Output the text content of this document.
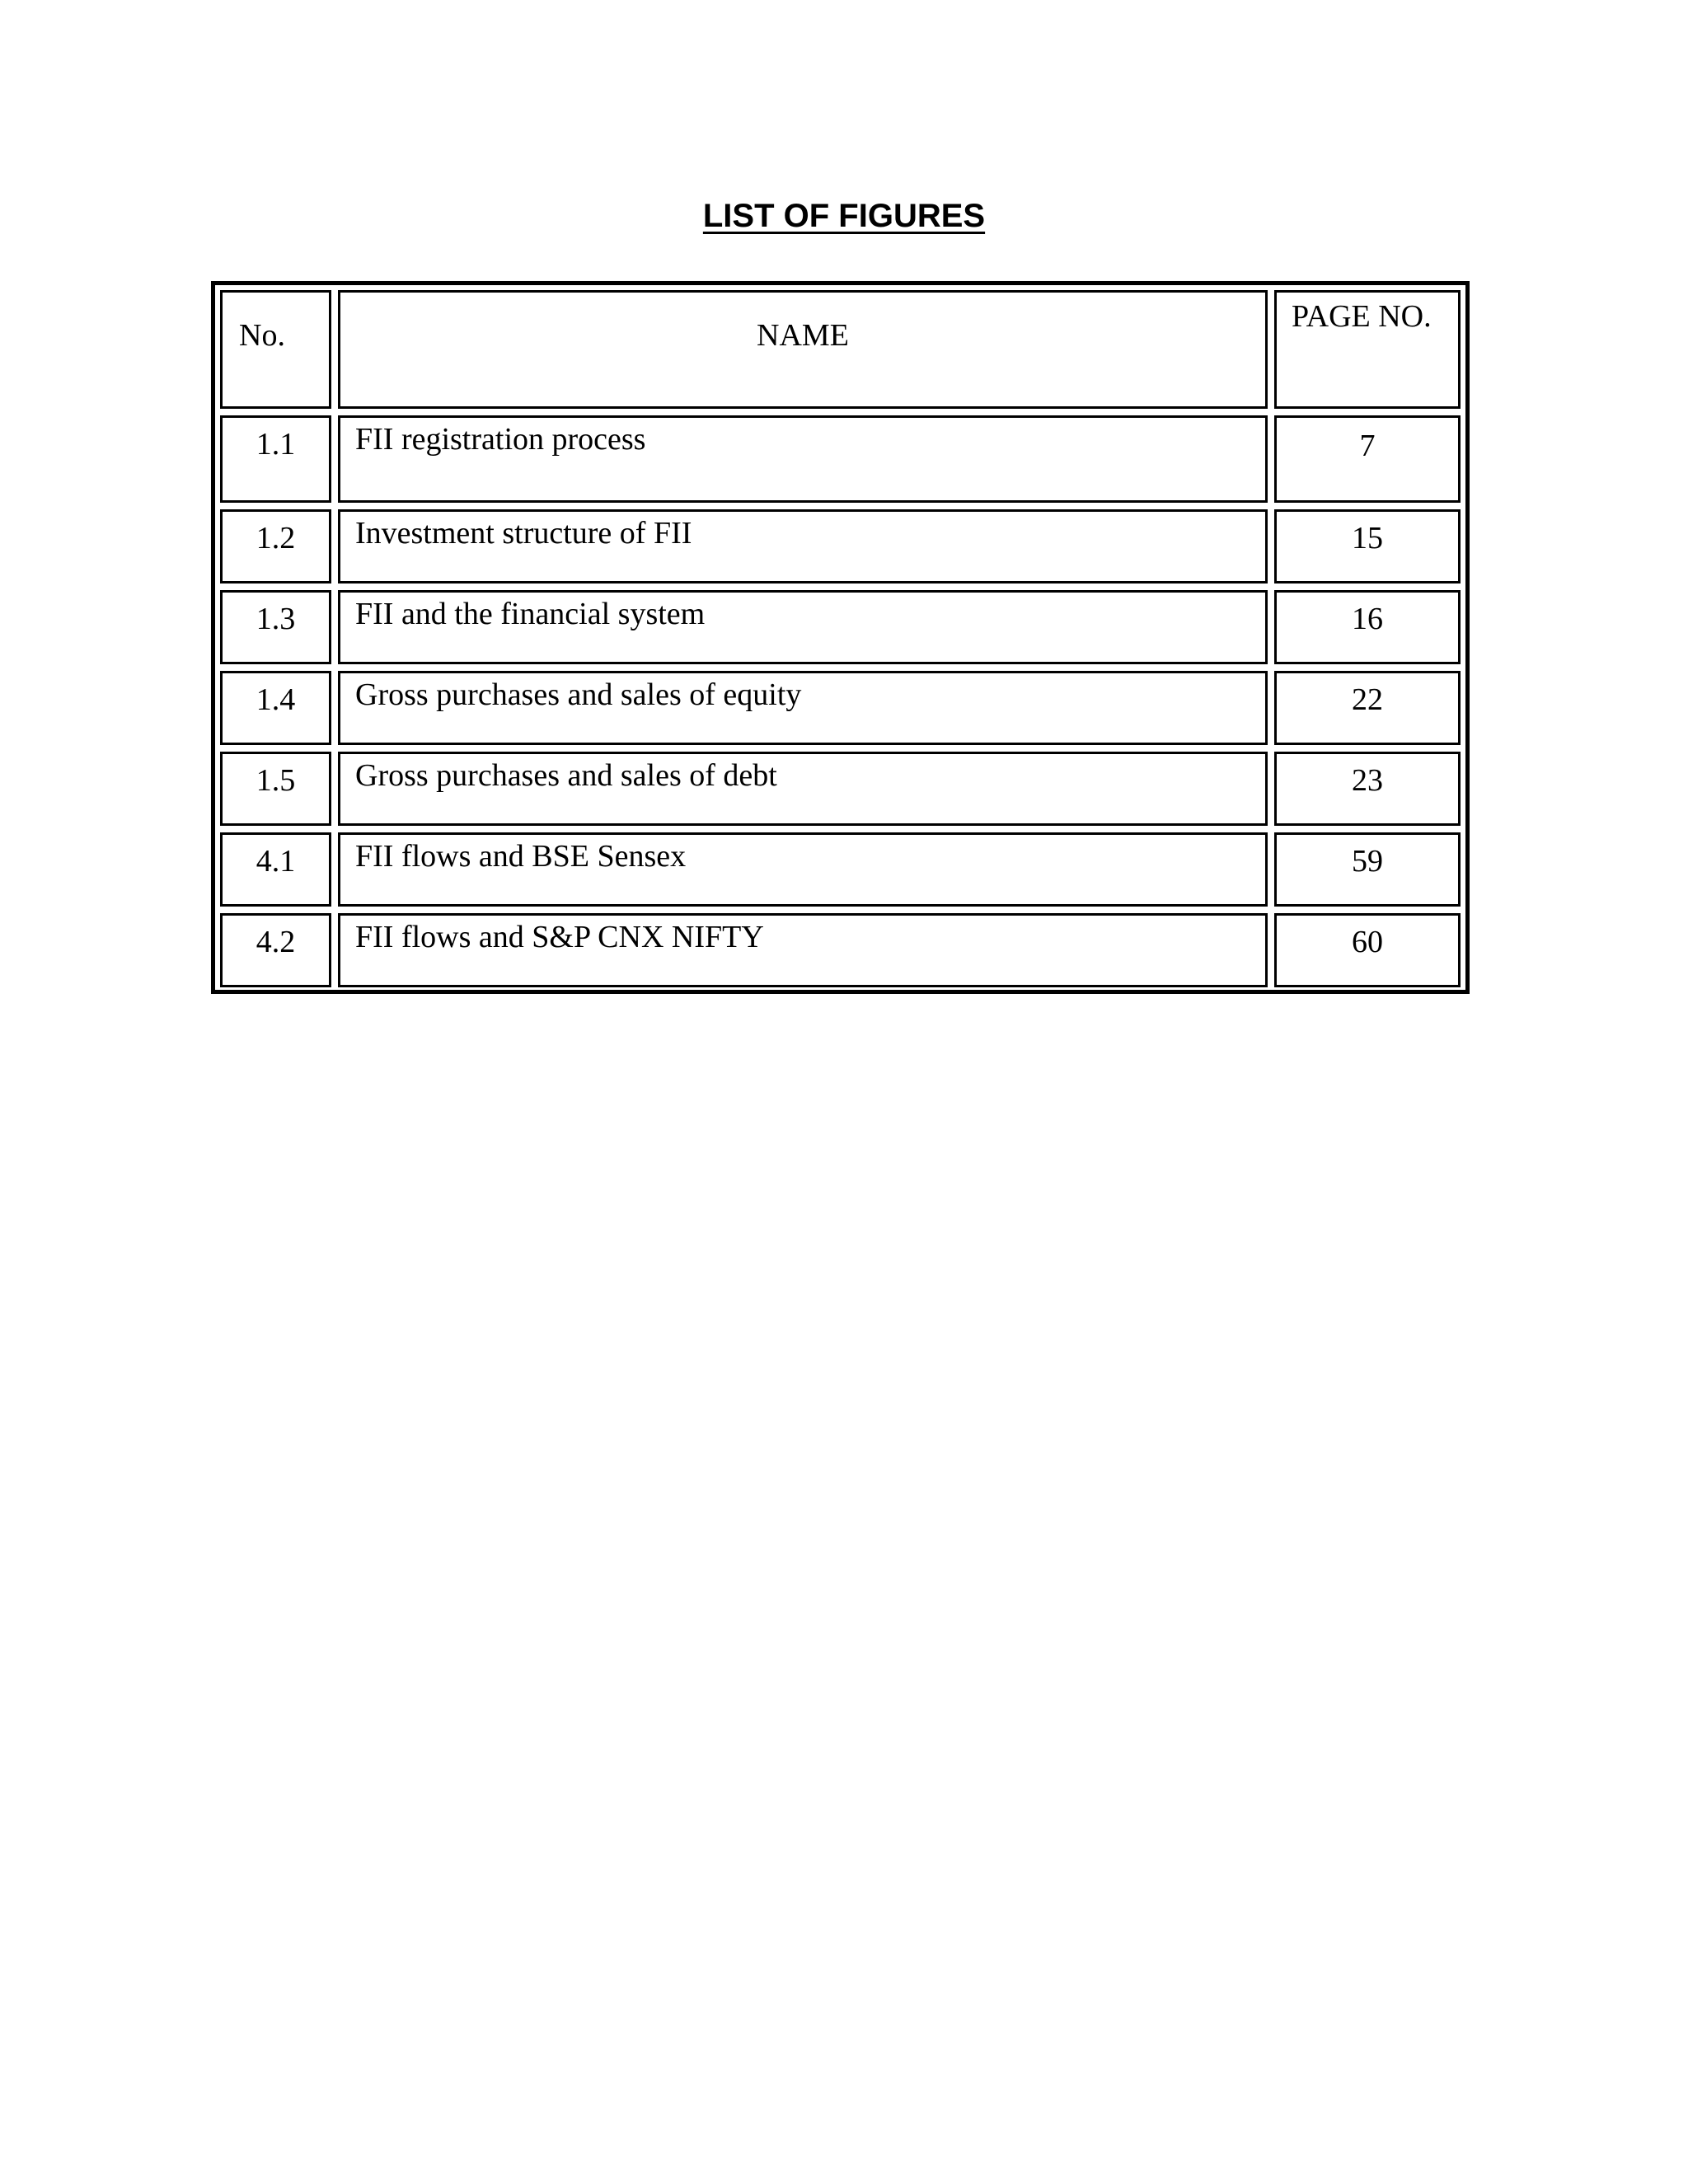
LIST OF FIGURES
No.	NAME	PAGE NO.
1.1	FII registration process	7
1.2	Investment structure of FII	15
1.3	FII and the financial system	16
1.4	Gross purchases and sales of equity	22
1.5	Gross purchases and sales of debt	23
4.1	FII flows and BSE Sensex	59
4.2	FII flows and S&P CNX NIFTY	60
